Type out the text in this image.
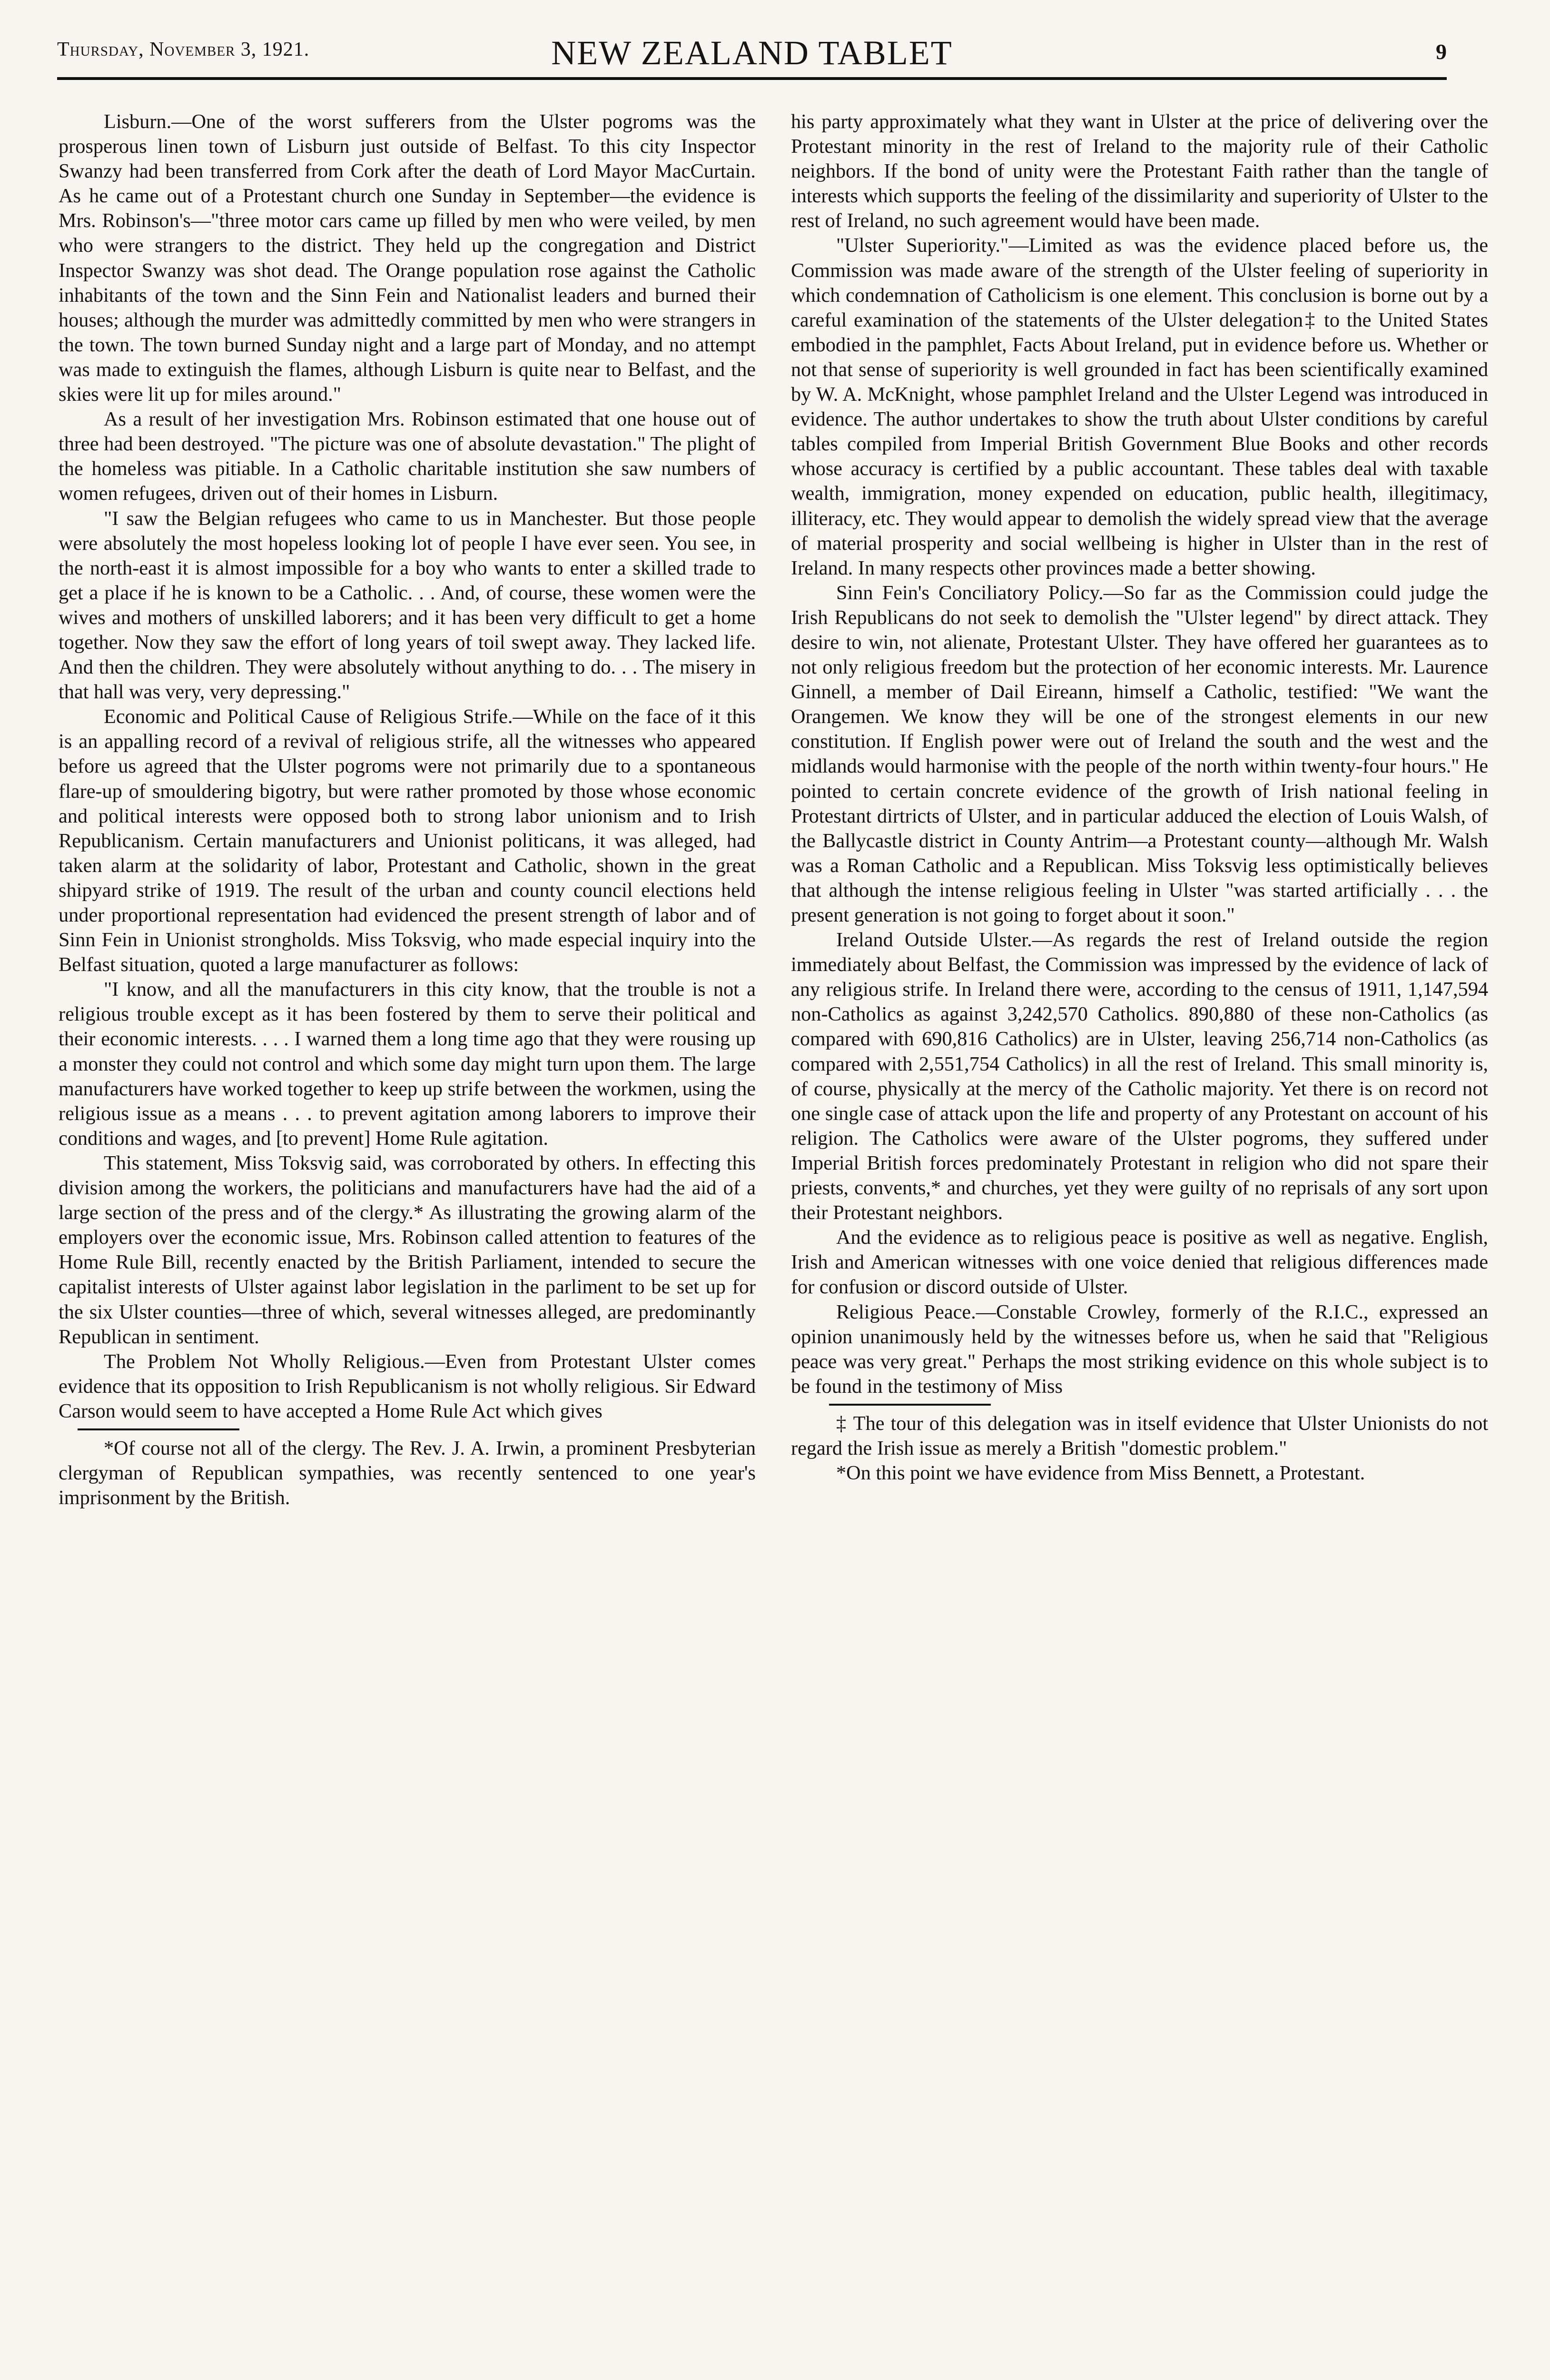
Thursday, November 3, 1921.	NEW ZEALAND TABLET	9

Lisburn.—One of the worst sufferers from the Ulster pogroms was the prosperous linen town of Lisburn just outside of Belfast. To this city Inspector Swanzy had been transferred from Cork after the death of Lord Mayor MacCurtain. As he came out of a Protestant church one Sunday in September—the evidence is Mrs. Robinson's—"three motor cars came up filled by men who were veiled, by men who were strangers to the district. They held up the congregation and District Inspector Swanzy was shot dead. The Orange population rose against the Catholic inhabitants of the town and the Sinn Fein and Nationalist leaders and burned their houses; although the murder was admittedly committed by men who were strangers in the town. The town burned Sunday night and a large part of Monday, and no attempt was made to extinguish the flames, although Lisburn is quite near to Belfast, and the skies were lit up for miles around."

As a result of her investigation Mrs. Robinson estimated that one house out of three had been destroyed. "The picture was one of absolute devastation." The plight of the homeless was pitiable. In a Catholic charitable institution she saw numbers of women refugees, driven out of their homes in Lisburn.

"I saw the Belgian refugees who came to us in Manchester. But those people were absolutely the most hopeless looking lot of people I have ever seen. You see, in the north-east it is almost impossible for a boy who wants to enter a skilled trade to get a place if he is known to be a Catholic. . . And, of course, these women were the wives and mothers of unskilled laborers; and it has been very difficult to get a home together. Now they saw the effort of long years of toil swept away. They lacked life. And then the children. They were absolutely without anything to do. . . The misery in that hall was very, very depressing."

Economic and Political Cause of Religious Strife.—While on the face of it this is an appalling record of a revival of religious strife, all the witnesses who appeared before us agreed that the Ulster pogroms were not primarily due to a spontaneous flare-up of smouldering bigotry, but were rather promoted by those whose economic and political interests were opposed both to strong labor unionism and to Irish Republicanism. Certain manufacturers and Unionist politicans, it was alleged, had taken alarm at the solidarity of labor, Protestant and Catholic, shown in the great shipyard strike of 1919. The result of the urban and county council elections held under proportional representation had evidenced the present strength of labor and of Sinn Fein in Unionist strongholds. Miss Toksvig, who made especial inquiry into the Belfast situation, quoted a large manufacturer as follows:

"I know, and all the manufacturers in this city know, that the trouble is not a religious trouble except as it has been fostered by them to serve their political and their economic interests. . . . I warned them a long time ago that they were rousing up a monster they could not control and which some day might turn upon them. The large manufacturers have worked together to keep up strife between the workmen, using the religious issue as a means . . . to prevent agitation among laborers to improve their conditions and wages, and [to prevent] Home Rule agitation.

This statement, Miss Toksvig said, was corroborated by others. In effecting this division among the workers, the politicians and manufacturers have had the aid of a large section of the press and of the clergy.* As illustrating the growing alarm of the employers over the economic issue, Mrs. Robinson called attention to features of the Home Rule Bill, recently enacted by the British Parliament, intended to secure the capitalist interests of Ulster against labor legislation in the parliment to be set up for the six Ulster counties—three of which, several witnesses alleged, are predominantly Republican in sentiment.

The Problem Not Wholly Religious.—Even from Protestant Ulster comes evidence that its opposition to Irish Republicanism is not wholly religious. Sir Edward Carson would seem to have accepted a Home Rule Act which gives

*Of course not all of the clergy. The Rev. J. A. Irwin, a prominent Presbyterian clergyman of Republican sympathies, was recently sentenced to one year's imprisonment by the British.

his party approximately what they want in Ulster at the price of delivering over the Protestant minority in the rest of Ireland to the majority rule of their Catholic neighbors. If the bond of unity were the Protestant Faith rather than the tangle of interests which supports the feeling of the dissimilarity and superiority of Ulster to the rest of Ireland, no such agreement would have been made.

"Ulster Superiority."—Limited as was the evidence placed before us, the Commission was made aware of the strength of the Ulster feeling of superiority in which condemnation of Catholicism is one element. This conclusion is borne out by a careful examination of the statements of the Ulster delegation‡ to the United States embodied in the pamphlet, Facts About Ireland, put in evidence before us. Whether or not that sense of superiority is well grounded in fact has been scientifically examined by W. A. McKnight, whose pamphlet Ireland and the Ulster Legend was introduced in evidence. The author undertakes to show the truth about Ulster conditions by careful tables compiled from Imperial British Government Blue Books and other records whose accuracy is certified by a public accountant. These tables deal with taxable wealth, immigration, money expended on education, public health, illegitimacy, illiteracy, etc. They would appear to demolish the widely spread view that the average of material prosperity and social wellbeing is higher in Ulster than in the rest of Ireland. In many respects other provinces made a better showing.

Sinn Fein's Conciliatory Policy.—So far as the Commission could judge the Irish Republicans do not seek to demolish the "Ulster legend" by direct attack. They desire to win, not alienate, Protestant Ulster. They have offered her guarantees as to not only religious freedom but the protection of her economic interests. Mr. Laurence Ginnell, a member of Dail Eireann, himself a Catholic, testified: "We want the Orangemen. We know they will be one of the strongest elements in our new constitution. If English power were out of Ireland the south and the west and the midlands would harmonise with the people of the north within twenty-four hours." He pointed to certain concrete evidence of the growth of Irish national feeling in Protestant dirtricts of Ulster, and in particular adduced the election of Louis Walsh, of the Ballycastle district in County Antrim—a Protestant county—although Mr. Walsh was a Roman Catholic and a Republican. Miss Toksvig less optimistically believes that although the intense religious feeling in Ulster "was started artificially . . . the present generation is not going to forget about it soon."

Ireland Outside Ulster.—As regards the rest of Ireland outside the region immediately about Belfast, the Commission was impressed by the evidence of lack of any religious strife. In Ireland there were, according to the census of 1911, 1,147,594 non-Catholics as against 3,242,570 Catholics. 890,880 of these non-Catholics (as compared with 690,816 Catholics) are in Ulster, leaving 256,714 non-Catholics (as compared with 2,551,754 Catholics) in all the rest of Ireland. This small minority is, of course, physically at the mercy of the Catholic majority. Yet there is on record not one single case of attack upon the life and property of any Protestant on account of his religion. The Catholics were aware of the Ulster pogroms, they suffered under Imperial British forces predominately Protestant in religion who did not spare their priests, convents,* and churches, yet they were guilty of no reprisals of any sort upon their Protestant neighbors.

And the evidence as to religious peace is positive as well as negative. English, Irish and American witnesses with one voice denied that religious differences made for confusion or discord outside of Ulster.

Religious Peace.—Constable Crowley, formerly of the R.I.C., expressed an opinion unanimously held by the witnesses before us, when he said that "Religious peace was very great." Perhaps the most striking evidence on this whole subject is to be found in the testimony of Miss

‡ The tour of this delegation was in itself evidence that Ulster Unionists do not regard the Irish issue as merely a British "domestic problem."

*On this point we have evidence from Miss Bennett, a Protestant.
